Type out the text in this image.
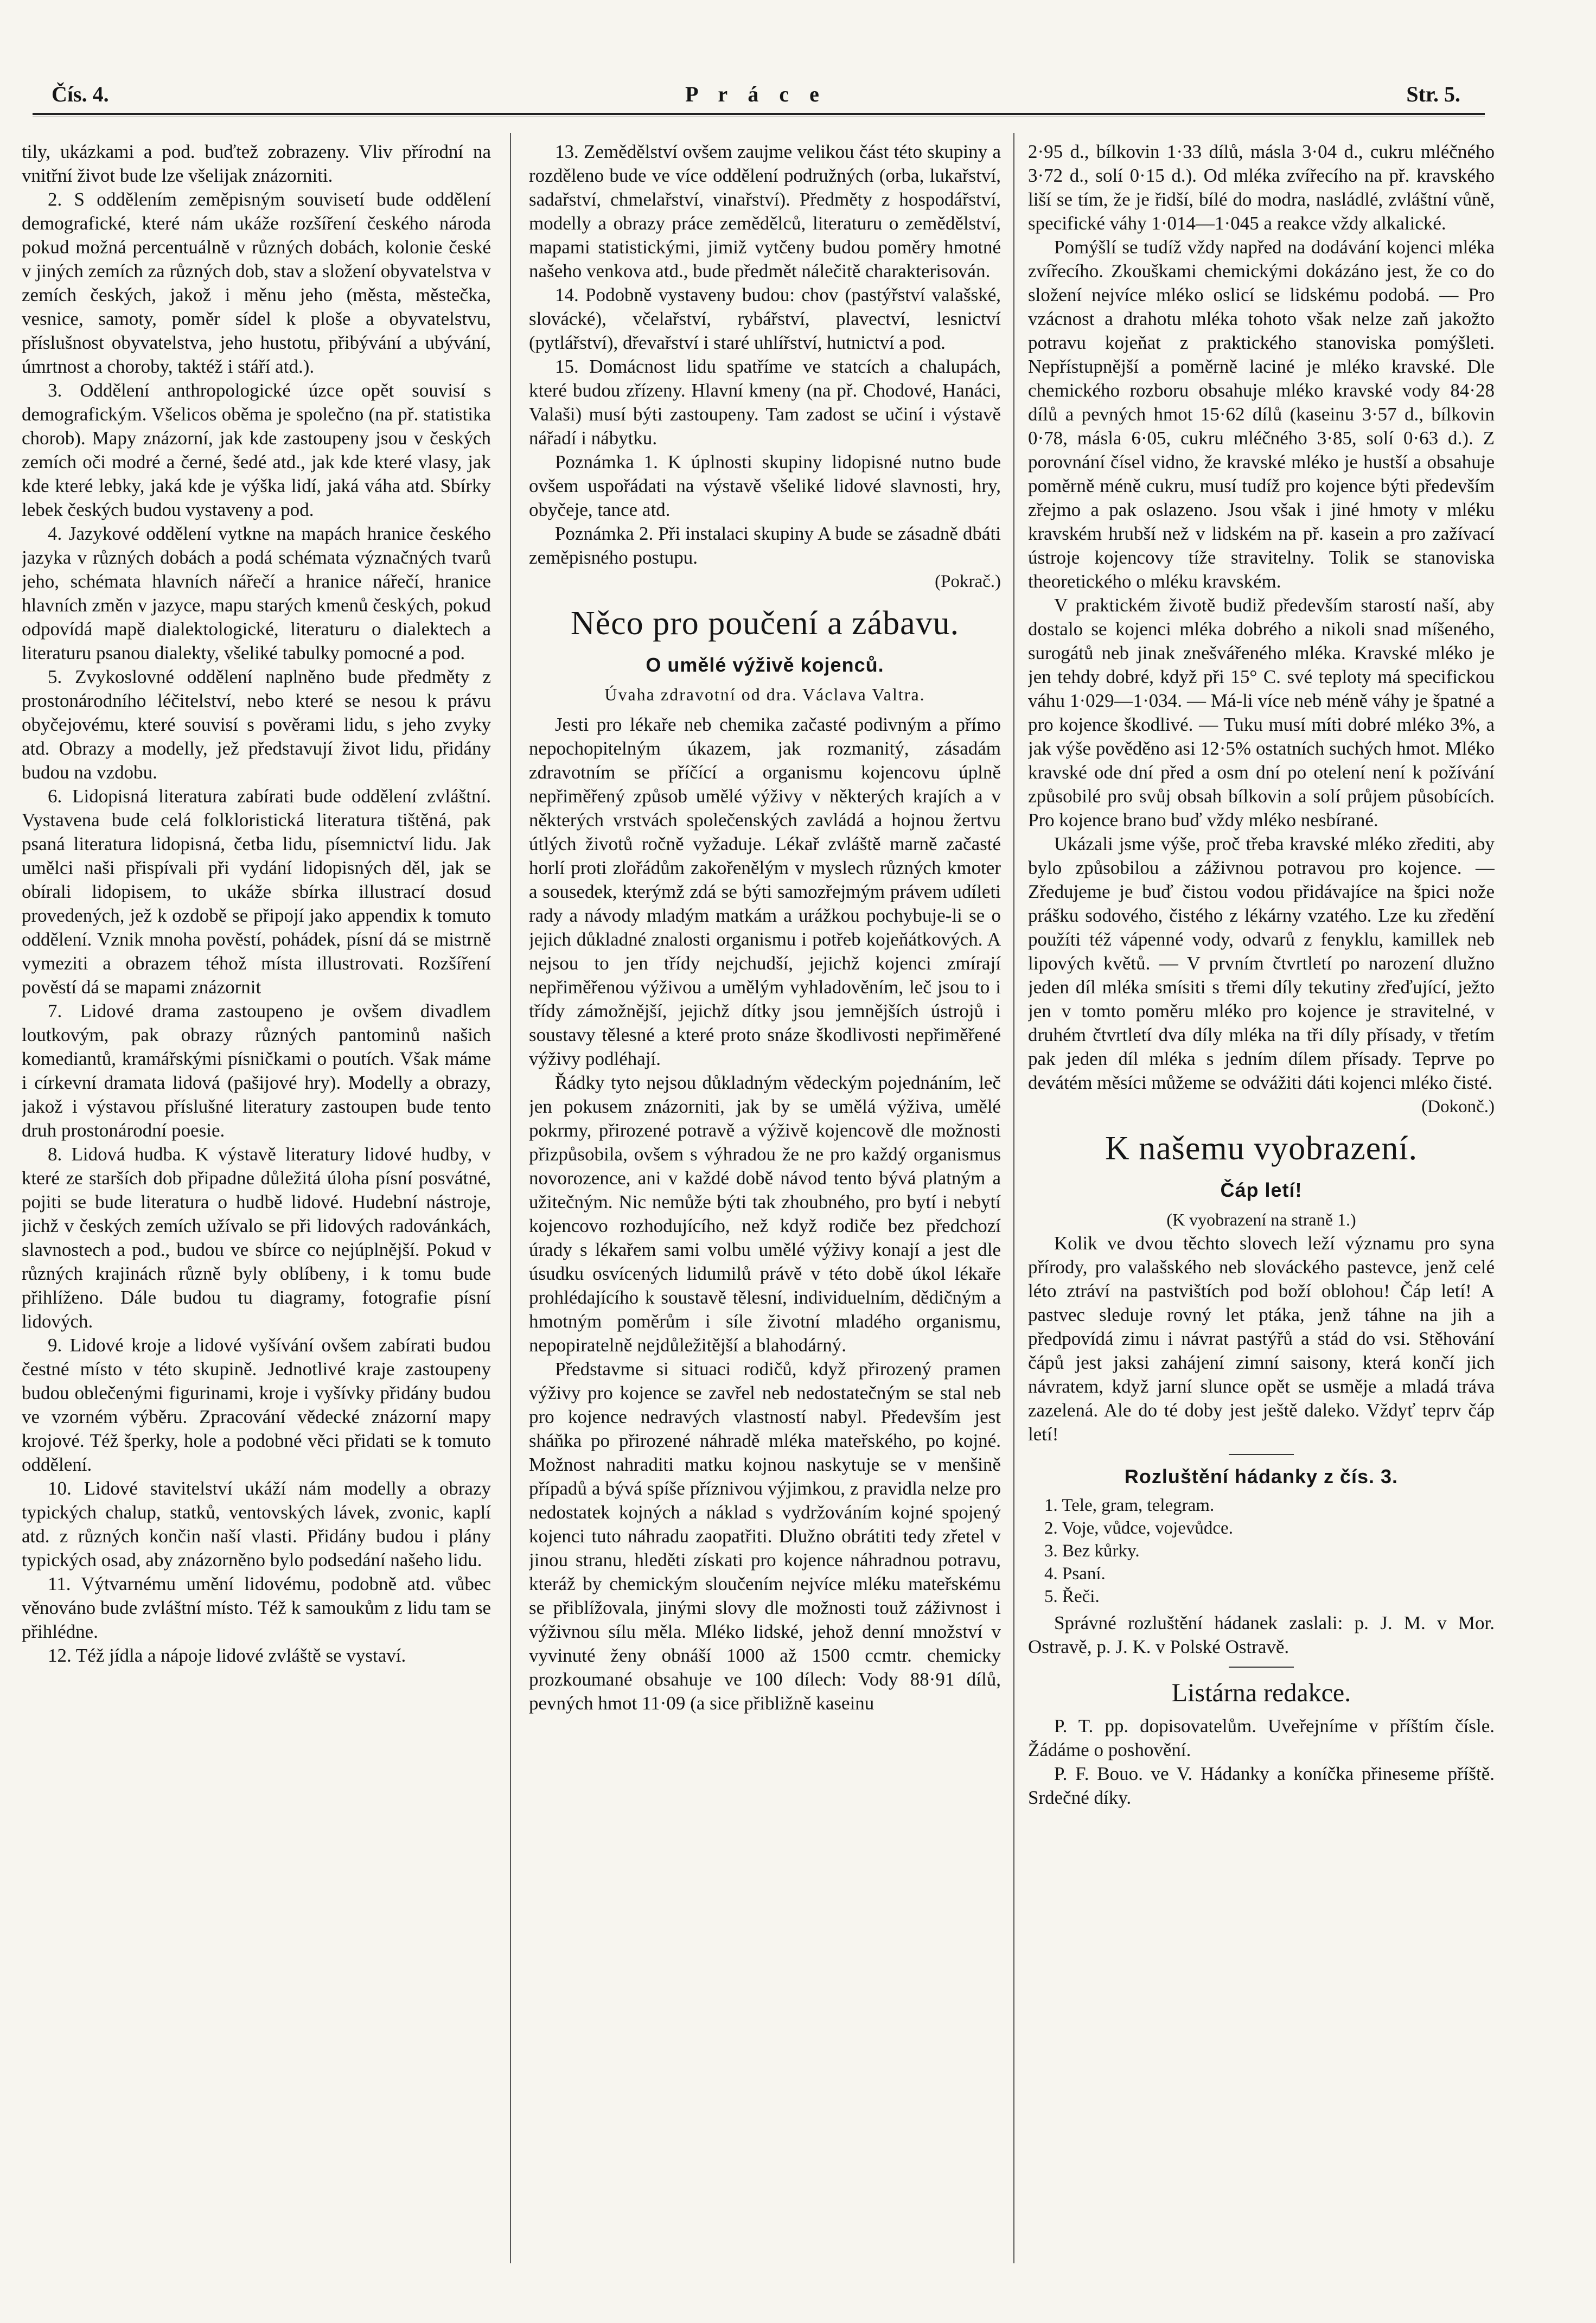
Čís. 4.	P r á c e	Str. 5.

tily, ukázkami a pod. buďtež zobrazeny. Vliv přírodní na vnitřní život bude lze všelijak znázorniti.

2. S oddělením zeměpisným souvisetí bude oddělení demografické, které nám ukáže rozšíření českého národa pokud možná percentuálně v různých dobách, kolonie české v jiných zemích za různých dob, stav a složení obyvatelstva v zemích českých, jakož i měnu jeho (města, městečka, vesnice, samoty, poměr sídel k ploše a obyvatelstvu, příslušnost obyvatelstva, jeho hustotu, přibývání a ubývání, úmrtnost a choroby, taktéž i stáří atd.).

3. Oddělení anthropologické úzce opět souvisí s demografickým. Všelicos oběma je společno (na př. statistika chorob). Mapy znázorní, jak kde zastoupeny jsou v českých zemích oči modré a černé, šedé atd., jak kde které vlasy, jak kde které lebky, jaká kde je výška lidí, jaká váha atd. Sbírky lebek českých budou vystaveny a pod.

4. Jazykové oddělení vytkne na mapách hranice českého jazyka v různých dobách a podá schémata význačných tvarů jeho, schémata hlavních nářečí a hranice nářečí, hranice hlavních změn v jazyce, mapu starých kmenů českých, pokud odpovídá mapě dialektologické, literaturu o dialektech a literaturu psanou dialekty, všeliké tabulky pomocné a pod.

5. Zvykoslovné oddělení naplněno bude předměty z prostonárodního léčitelství, nebo které se nesou k právu obyčejovému, které souvisí s pověrami lidu, s jeho zvyky atd. Obrazy a modelly, jež představují život lidu, přidány budou na vzdobu.

6. Lidopisná literatura zabírati bude oddělení zvláštní. Vystavena bude celá folkloristická literatura tištěná, pak psaná literatura lidopisná, četba lidu, písemnictví lidu. Jak umělci naši přispívali při vydání lidopisných děl, jak se obírali lidopisem, to ukáže sbírka illustrací dosud provedených, jež k ozdobě se připojí jako appendix k tomuto oddělení. Vznik mnoha pověstí, pohádek, písní dá se mistrně vymeziti a obrazem téhož místa illustrovati. Rozšíření pověstí dá se mapami znázornit

7. Lidové drama zastoupeno je ovšem divadlem loutkovým, pak obrazy různých pantominů našich komediantů, kramářskými písničkami o poutích. Však máme i církevní dramata lidová (pašijové hry). Modelly a obrazy, jakož i výstavou příslušné literatury zastoupen bude tento druh prostonárodní poesie.

8. Lidová hudba. K výstavě literatury lidové hudby, v které ze starších dob připadne důležitá úloha písní posvátné, pojiti se bude literatura o hudbě lidové. Hudební nástroje, jichž v českých zemích užívalo se při lidových radovánkách, slavnostech a pod., budou ve sbírce co nejúplnější. Pokud v různých krajinách různě byly oblíbeny, i k tomu bude přihlíženo. Dále budou tu diagramy, fotografie písní lidových.

9. Lidové kroje a lidové vyšívání ovšem zabírati budou čestné místo v této skupině. Jednotlivé kraje zastoupeny budou oblečenými figurinami, kroje i vyšívky přidány budou ve vzorném výběru. Zpracování vědecké znázorní mapy krojové. Též šperky, hole a podobné věci přidati se k tomuto oddělení.

10. Lidové stavitelství ukáží nám modelly a obrazy typických chalup, statků, ventovských lávek, zvonic, kaplí atd. z různých končin naší vlasti. Přidány budou i plány typických osad, aby znázorněno bylo podsedání našeho lidu.

11. Výtvarnému umění lidovému, podobně atd. vůbec věnováno bude zvláštní místo. Též k samoukům z lidu tam se přihlédne.

12. Též jídla a nápoje lidové zvláště se vystaví.

13. Zemědělství ovšem zaujme velikou část této skupiny a rozděleno bude ve více oddělení podružných (orba, lukařství, sadařství, chmelařství, vinařství). Předměty z hospodářství, modelly a obrazy práce zemědělců, literaturu o zemědělství, mapami statistickými, jimiž vytčeny budou poměry hmotné našeho venkova atd., bude předmět nálečitě charakterisován.

14. Podobně vystaveny budou: chov (pastýřství valašské, slovácké), včelařství, rybářství, plavectví, lesnictví (pytlářství), dřevařství i staré uhlířství, hutnictví a pod.

15. Domácnost lidu spatříme ve statcích a chalupách, které budou zřízeny. Hlavní kmeny (na př. Chodové, Hanáci, Valaši) musí býti zastoupeny. Tam zadost se učiní i výstavě nářadí i nábytku.

Poznámka 1. K úplnosti skupiny lidopisné nutno bude ovšem uspořádati na výstavě všeliké lidové slavnosti, hry, obyčeje, tance atd.

Poznámka 2. Při instalaci skupiny A bude se zásadně dbáti zeměpisného postupu.

(Pokrač.)
Něco pro poučení a zábavu.
O umělé výživě kojenců.
Úvaha zdravotní od dra. Václava Valtra.

Jesti pro lékaře neb chemika začasté podivným a přímo nepochopitelným úkazem, jak rozmanitý, zásadám zdravotním se příčící a organismu kojencovu úplně nepřiměřený způsob umělé výživy v některých krajích a v některých vrstvách společenských zavládá a hojnou žertvu útlých životů ročně vyžaduje. Lékař zvláště marně začasté horlí proti zlořádům zakořenělým v myslech různých kmoter a sousedek, kterýmž zdá se býti samozřejmým právem udíleti rady a návody mladým matkám a urážkou pochybuje-li se o jejich důkladné znalosti organismu i potřeb kojeňátkových. A nejsou to jen třídy nejchudší, jejichž kojenci zmírají nepřiměřenou výživou a umělým vyhladověním, leč jsou to i třídy zámožnější, jejichž dítky jsou jemnějších ústrojů i soustavy tělesné a které proto snáze škodlivosti nepřiměřené výživy podléhají.

Řádky tyto nejsou důkladným vědeckým pojednáním, leč jen pokusem znázorniti, jak by se umělá výživa, umělé pokrmy, přirozené potravě a výživě kojencově dle možnosti přizpůsobila, ovšem s výhradou že ne pro každý organismus novorozence, ani v každé době návod tento bývá platným a užitečným. Nic nemůže býti tak zhoubného, pro bytí i nebytí kojencovo rozhodujícího, než když rodiče bez předchozí úrady s lékařem sami volbu umělé výživy konají a jest dle úsudku osvícených lidumilů právě v této době úkol lékaře prohlédajícího k soustavě tělesní, individuelním, dědičným a hmotným poměrům i síle životní mladého organismu, nepopiratelně nejdůležitější a blahodárný.

Představme si situaci rodičů, když přirozený pramen výživy pro kojence se zavřel neb nedostatečným se stal neb pro kojence nedravých vlastností nabyl. Především jest sháňka po přirozené náhradě mléka mateřského, po kojné. Možnost nahraditi matku kojnou naskytuje se v menšině případů a bývá spíše příznivou výjimkou, z pravidla nelze pro nedostatek kojných a náklad s vydržováním kojné spojený kojenci tuto náhradu zaopatřiti. Dlužno obrátiti tedy zřetel v jinou stranu, hleděti získati pro kojence náhradnou potravu, kteráž by chemickým sloučením nejvíce mléku mateřskému se přiblížovala, jinými slovy dle možnosti touž záživnost i výživnou sílu měla. Mléko lidské, jehož denní množství v vyvinuté ženy obnáší 1000 až 1500 ccmtr. chemicky prozkoumané obsahuje ve 100 dílech: Vody 88·91 dílů, pevných hmot 11·09 (a sice přibližně kaseinu

2·95 d., bílkovin 1·33 dílů, másla 3·04 d., cukru mléčného 3·72 d., solí 0·15 d.). Od mléka zvířecího na př. kravského liší se tím, že je řidší, bílé do modra, nasládlé, zvláštní vůně, specifické váhy 1·014—1·045 a reakce vždy alkalické.

Pomýšlí se tudíž vždy napřed na dodávání kojenci mléka zvířecího. Zkouškami chemickými dokázáno jest, že co do složení nejvíce mléko oslicí se lidskému podobá. — Pro vzácnost a drahotu mléka tohoto však nelze zaň jakožto potravu kojeňat z praktického stanoviska pomýšleti. Nepřístupnější a poměrně laciné je mléko kravské. Dle chemického rozboru obsahuje mléko kravské vody 84·28 dílů a pevných hmot 15·62 dílů (kaseinu 3·57 d., bílkovin 0·78, másla 6·05, cukru mléčného 3·85, solí 0·63 d.). Z porovnání čísel vidno, že kravské mléko je hustší a obsahuje poměrně méně cukru, musí tudíž pro kojence býti především zřejmo a pak oslazeno. Jsou však i jiné hmoty v mléku kravském hrubší než v lidském na př. kasein a pro zažívací ústroje kojencovy tíže stravitelny. Tolik se stanoviska theoretického o mléku kravském.

V praktickém životě budiž především starostí naší, aby dostalo se kojenci mléka dobrého a nikoli snad míšeného, surogátů neb jinak znešvářeného mléka. Kravské mléko je jen tehdy dobré, když při 15° C. své teploty má specifickou váhu 1·029—1·034. — Má-li více neb méně váhy je špatné a pro kojence škodlivé. — Tuku musí míti dobré mléko 3%, a jak výše pověděno asi 12·5% ostatních suchých hmot. Mléko kravské ode dní před a osm dní po otelení není k požívání způsobilé pro svůj obsah bílkovin a solí průjem působících. Pro kojence brano buď vždy mléko nesbírané.

Ukázali jsme výše, proč třeba kravské mléko zřediti, aby bylo způsobilou a záživnou potravou pro kojence. — Zředujeme je buď čistou vodou přidávajíce na špici nože prášku sodového, čistého z lékárny vzatého. Lze ku zředění použíti též vápenné vody, odvarů z fenyklu, kamillek neb lipových květů. — V prvním čtvrtletí po narození dlužno jeden díl mléka smísiti s třemi díly tekutiny zřeďující, ježto jen v tomto poměru mléko pro kojence je stravitelné, v druhém čtvrtletí dva díly mléka na tři díly přísady, v třetím pak jeden díl mléka s jedním dílem přísady. Teprve po devátém měsíci můžeme se odvážiti dáti kojenci mléko čisté.

(Dokonč.)
K našemu vyobrazení.
Čáp letí!
(K vyobrazení na straně 1.)

Kolik ve dvou těchto slovech leží významu pro syna přírody, pro valašského neb slováckého pastevce, jenž celé léto ztráví na pastvištích pod boží oblohou! Čáp letí! A pastvec sleduje rovný let ptáka, jenž táhne na jih a předpovídá zimu i návrat pastýřů a stád do vsi. Stěhování čápů jest jaksi zahájení zimní saisony, která končí jich návratem, když jarní slunce opět se usměje a mladá tráva zazelená. Ale do té doby jest ještě daleko. Vždyť teprv čáp letí!

Rozluštění hádanky z čís. 3.
1. Tele, gram, telegram.
2. Voje, vůdce, vojevůdce.
3. Bez kůrky.
4. Psaní.
5. Řeči.

Správné rozluštění hádanek zaslali: p. J. M. v Mor. Ostravě, p. J. K. v Polské Ostravě.

Listárna redakce.

P. T. pp. dopisovatelům. Uveřejníme v příštím čísle. Žádáme o poshovění.

P. F. Bouo. ve V. Hádanky a koníčka přineseme příště. Srdečné díky.
